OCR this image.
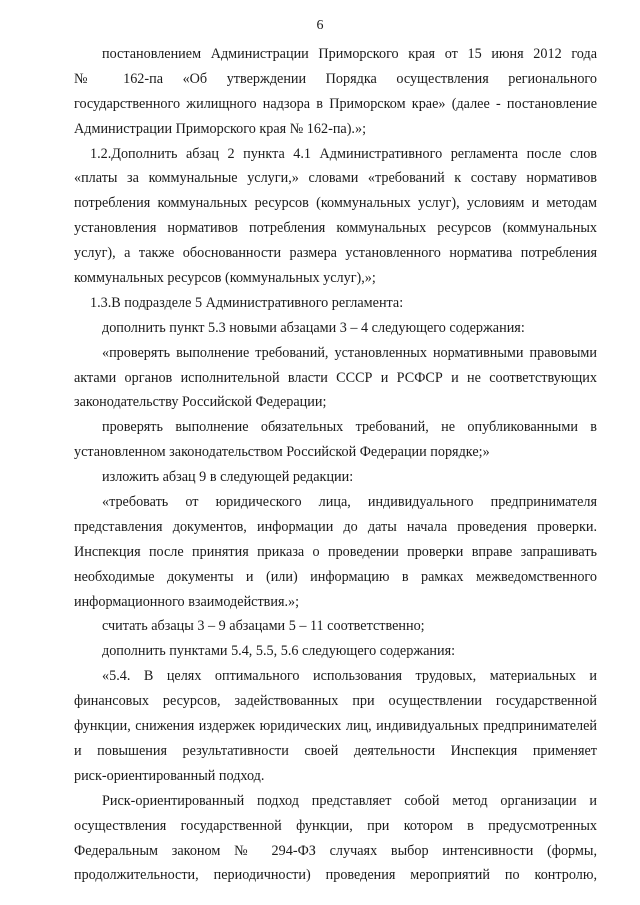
6
постановлением Администрации Приморского края от 15 июня 2012 года
№ 162-па «Об утверждении Порядка осуществления регионального
государственного жилищного надзора в Приморском крае» (далее - постановление
Администрации Приморского края № 162-па).»;
1.2.Дополнить абзац 2 пункта 4.1 Административного регламента после слов
«платы за коммунальные услуги,» словами «требований к составу нормативов
потребления коммунальных ресурсов (коммунальных услуг), условиям и методам
установления нормативов потребления коммунальных ресурсов (коммунальных
услуг), а также обоснованности размера установленного норматива потребления
коммунальных ресурсов (коммунальных услуг),»;
1.3.В подразделе 5 Административного регламента:
дополнить пункт 5.3 новыми абзацами 3 – 4 следующего содержания:
«проверять выполнение требований, установленных нормативными правовыми
актами органов исполнительной власти СССР и РСФСР и не соответствующих
законодательству Российской Федерации;
проверять выполнение обязательных требований, не опубликованными в
установленном законодательством Российской Федерации порядке;»
изложить абзац 9 в следующей редакции:
«требовать от юридического лица, индивидуального предпринимателя
представления документов, информации до даты начала проведения проверки.
Инспекция после принятия приказа о проведении проверки вправе запрашивать
необходимые документы и (или) информацию в рамках межведомственного
информационного взаимодействия.»;
считать абзацы 3 – 9 абзацами 5 – 11 соответственно;
дополнить пунктами 5.4, 5.5, 5.6 следующего содержания:
«5.4. В целях оптимального использования трудовых, материальных и
финансовых ресурсов, задействованных при осуществлении государственной
функции, снижения издержек юридических лиц, индивидуальных предпринимателей
и повышения результативности своей деятельности Инспекция применяет
риск-ориентированный подход.
Риск-ориентированный подход представляет собой метод организации и
осуществления государственной функции, при котором в предусмотренных
Федеральным законом № 294-ФЗ случаях выбор интенсивности (формы,
продолжительности, периодичности) проведения мероприятий по контролю,
